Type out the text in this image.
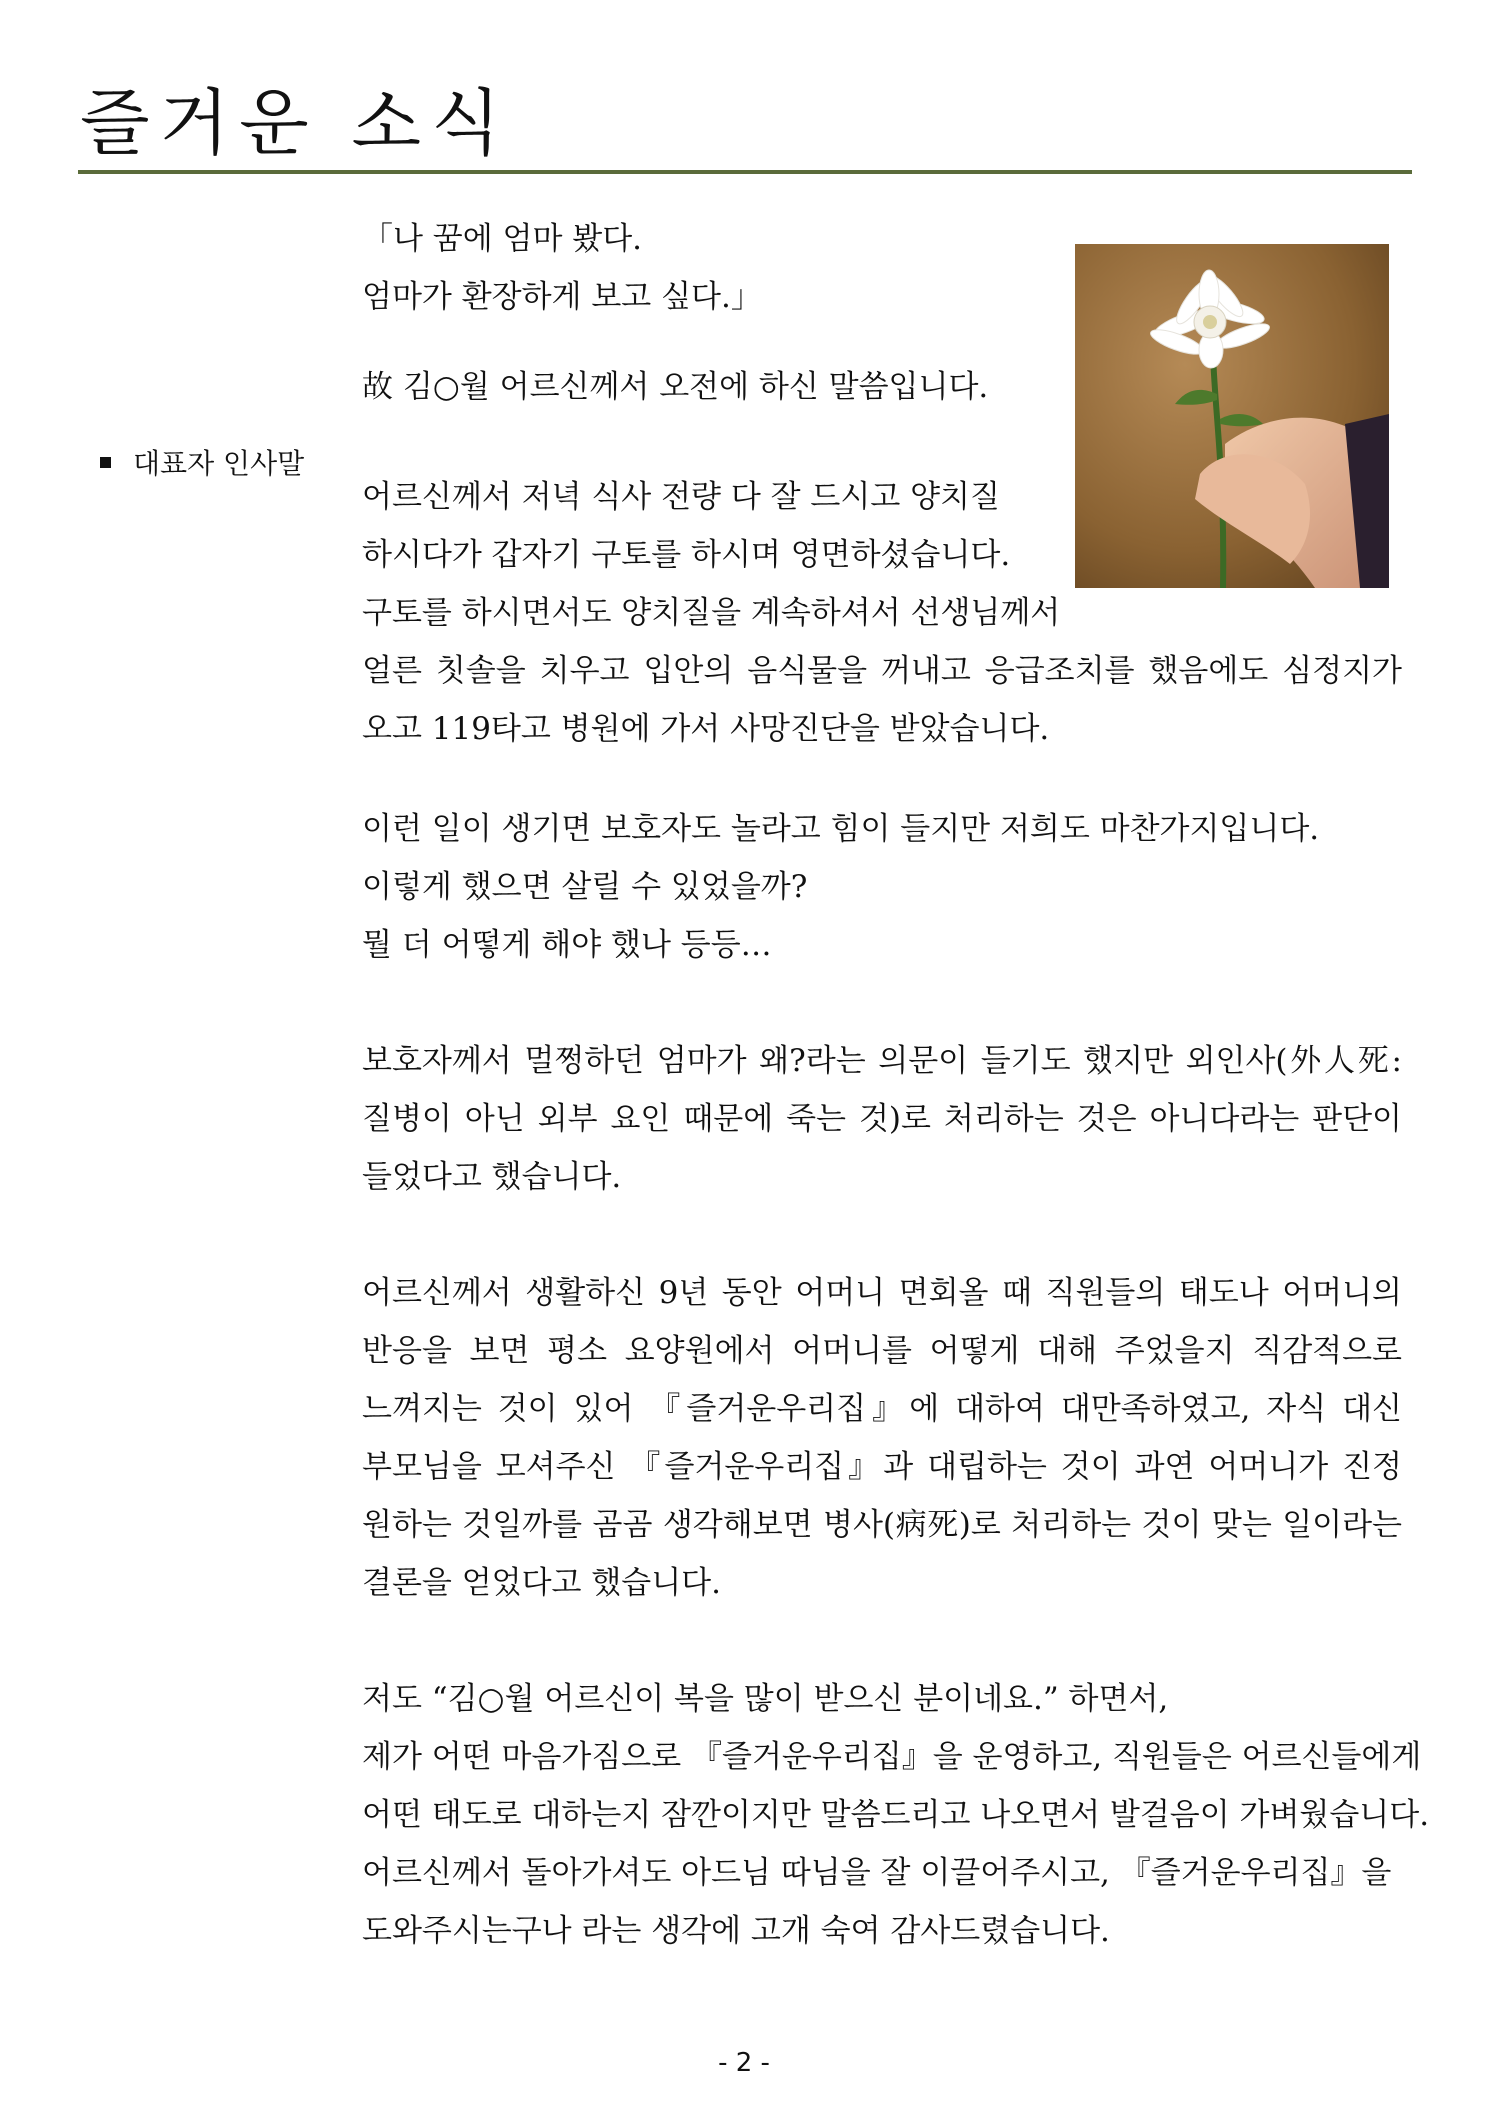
즐거운 소식
대표자 인사말

「나 꿈에 엄마 봤다.

엄마가 환장하게 보고 싶다.」

故 김○월 어르신께서 오전에 하신 말씀입니다.

어르신께서 저녁 식사 전량 다 잘 드시고 양치질

하시다가 갑자기 구토를 하시며 영면하셨습니다.

구토를 하시면서도 양치질을 계속하셔서 선생님께서

얼른 칫솔을 치우고 입안의 음식물을 꺼내고 응급조치를 했음에도 심정지가

오고 119타고 병원에 가서 사망진단을 받았습니다.

이런 일이 생기면 보호자도 놀라고 힘이 들지만 저희도 마찬가지입니다.

이렇게 했으면 살릴 수 있었을까?

뭘 더 어떻게 해야 했나 등등…

보호자께서 멀쩡하던 엄마가 왜?라는 의문이 들기도 했지만 외인사(外人死:

질병이 아닌 외부 요인 때문에 죽는 것)로 처리하는 것은 아니다라는 판단이

들었다고 했습니다.

어르신께서 생활하신 9년 동안 어머니 면회올 때 직원들의 태도나 어머니의

반응을 보면 평소 요양원에서 어머니를 어떻게 대해 주었을지 직감적으로

느껴지는 것이 있어 『즐거운우리집』에 대하여 대만족하였고, 자식 대신

부모님을 모셔주신 『즐거운우리집』과 대립하는 것이 과연 어머니가 진정

원하는 것일까를 곰곰 생각해보면 병사(病死)로 처리하는 것이 맞는 일이라는

결론을 얻었다고 했습니다.

저도 “김○월 어르신이 복을 많이 받으신 분이네요.” 하면서,

제가 어떤 마음가짐으로 『즐거운우리집』을 운영하고, 직원들은 어르신들에게

어떤 태도로 대하는지 잠깐이지만 말씀드리고 나오면서 발걸음이 가벼웠습니다.

어르신께서 돌아가셔도 아드님 따님을 잘 이끌어주시고, 『즐거운우리집』을

도와주시는구나 라는 생각에 고개 숙여 감사드렸습니다.

- 2 -
